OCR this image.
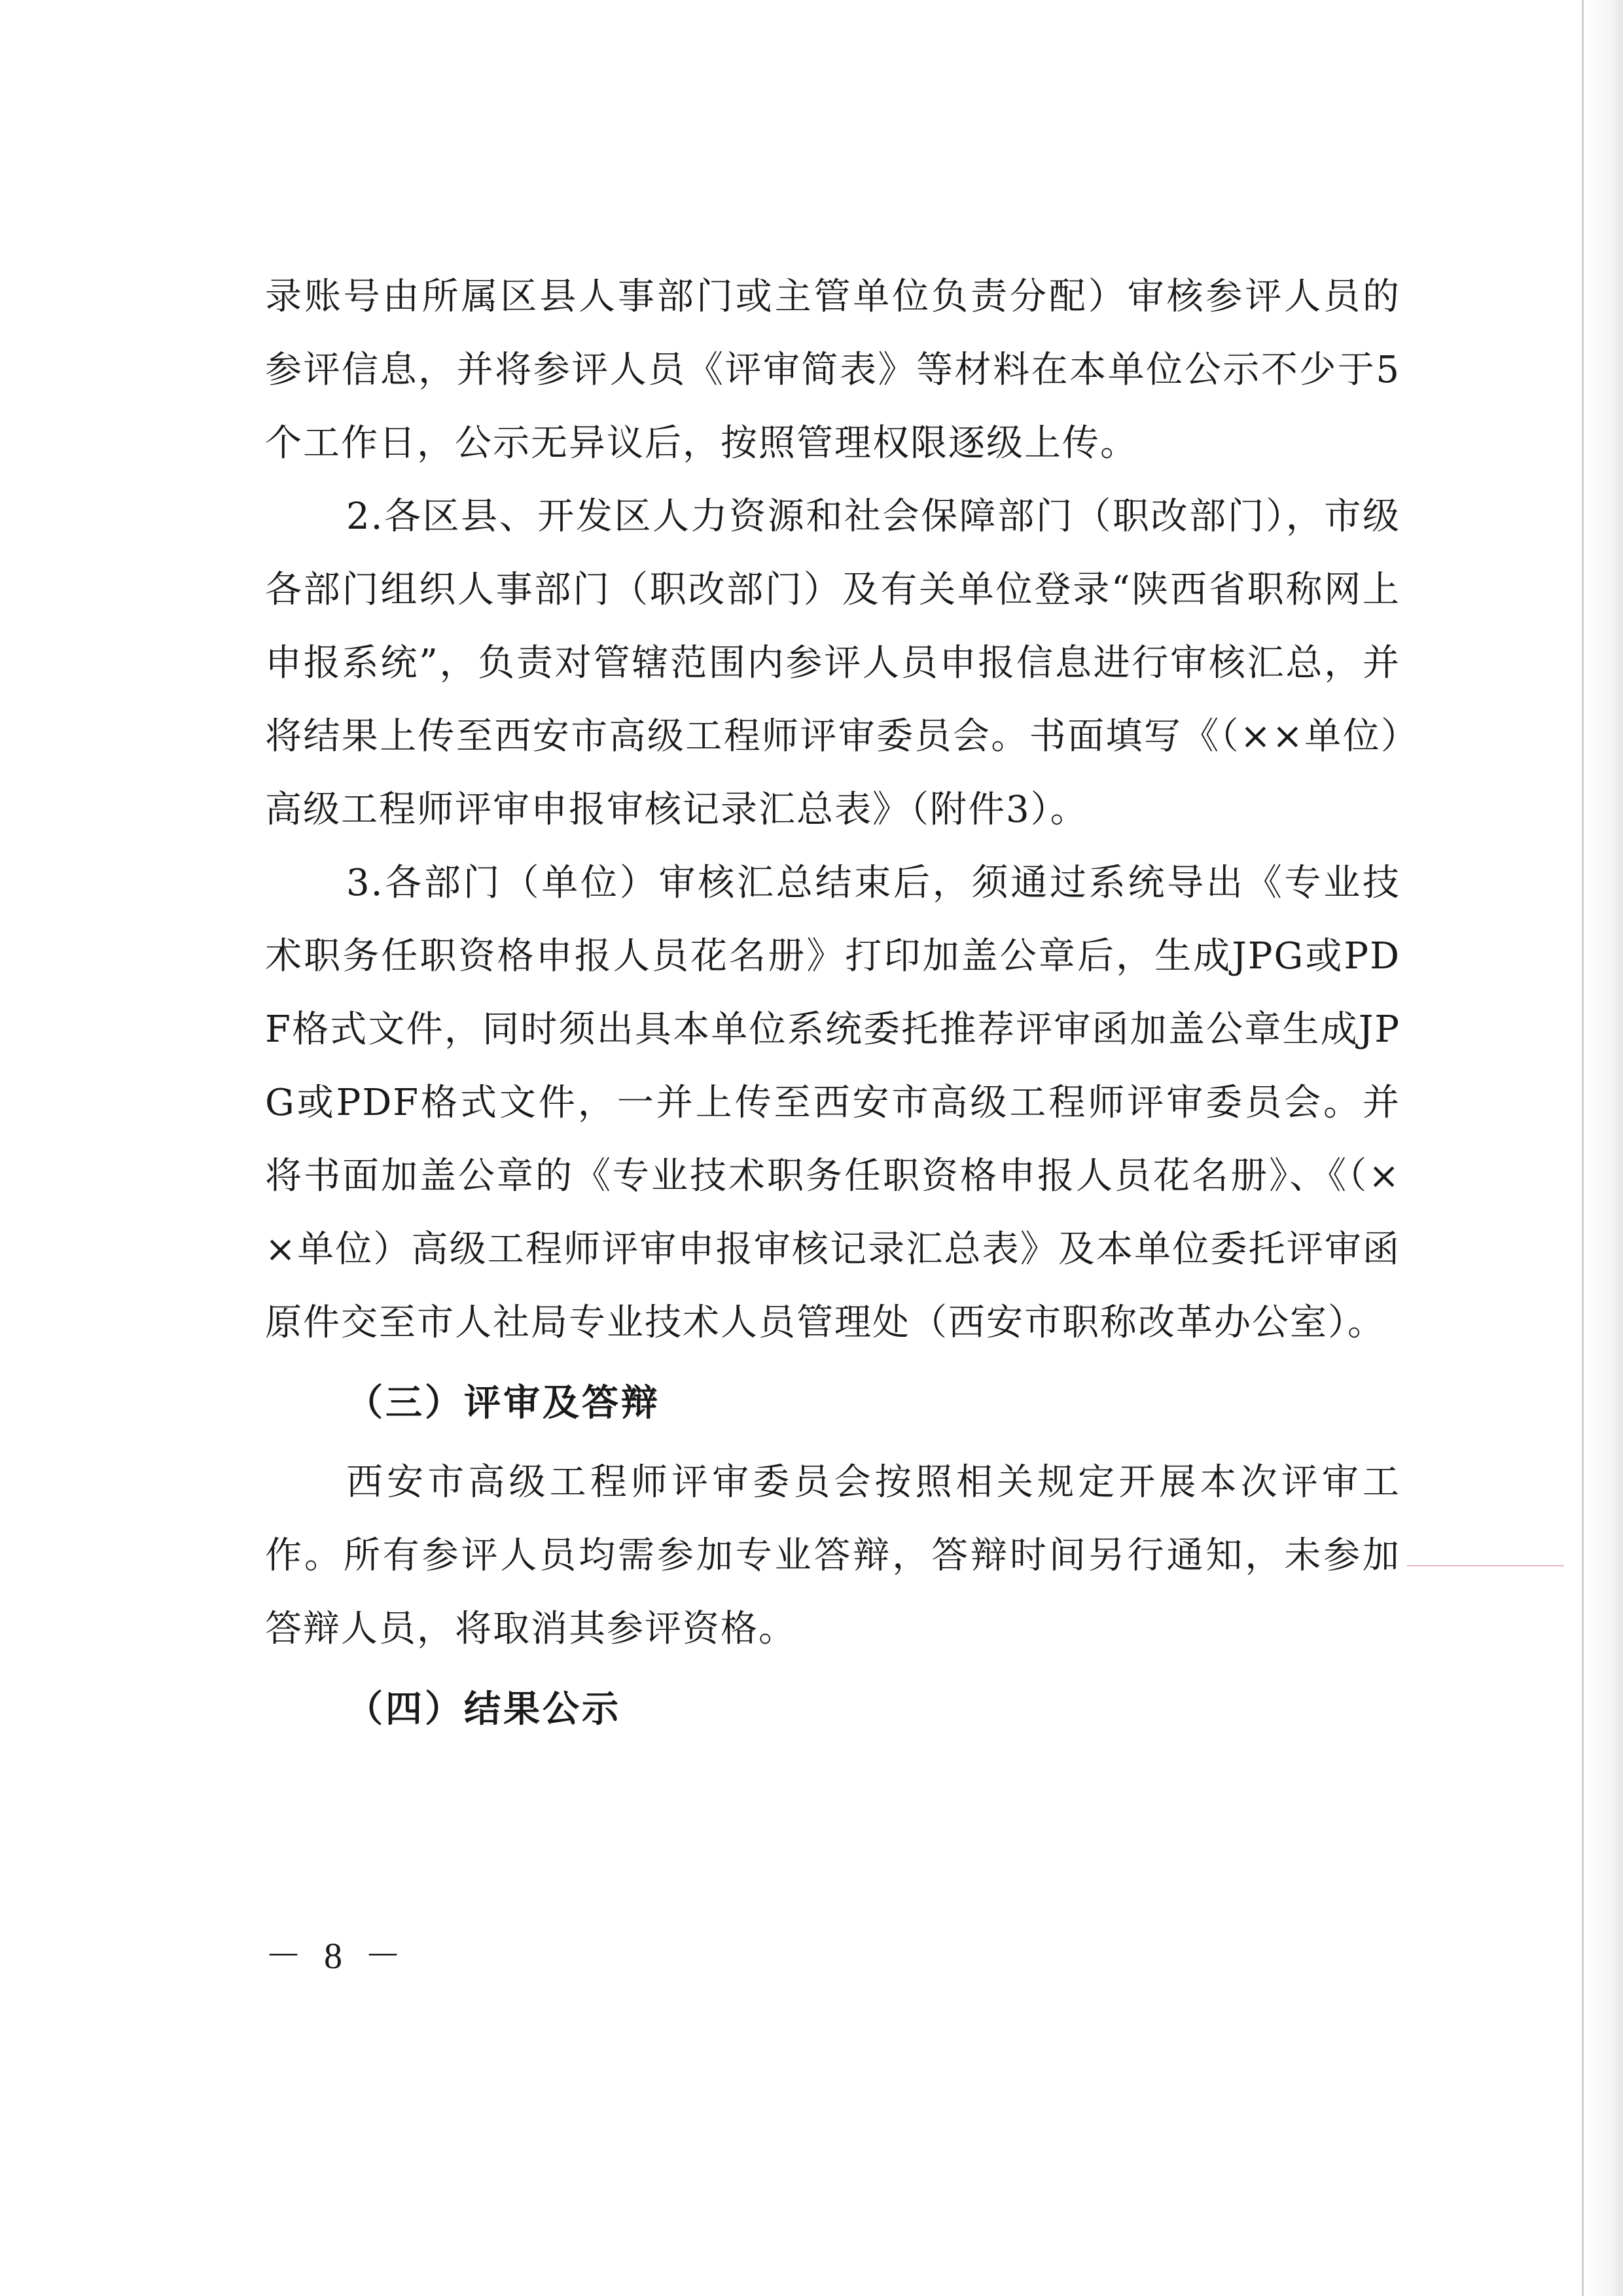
录账号由所属区县人事部门或主管单位负责分配）审核参评人员的参评信息，并将参评人员《评审简表》等材料在本单位公示不少于5个工作日，公示无异议后，按照管理权限逐级上传。

2.各区县、开发区人力资源和社会保障部门（职改部门），市级各部门组织人事部门（职改部门）及有关单位登录“陕西省职称网上申报系统”，负责对管辖范围内参评人员申报信息进行审核汇总，并将结果上传至西安市高级工程师评审委员会。书面填写《（××单位）高级工程师评审申报审核记录汇总表》（附件3）。

3.各部门（单位）审核汇总结束后，须通过系统导出《专业技术职务任职资格申报人员花名册》打印加盖公章后，生成JPG或PDF格式文件，同时须出具本单位系统委托推荐评审函加盖公章生成JPG或PDF格式文件，一并上传至西安市高级工程师评审委员会。并将书面加盖公章的《专业技术职务任职资格申报人员花名册》、《（××单位）高级工程师评审申报审核记录汇总表》及本单位委托评审函原件交至市人社局专业技术人员管理处（西安市职称改革办公室）。

（三）评审及答辩

西安市高级工程师评审委员会按照相关规定开展本次评审工作。所有参评人员均需参加专业答辩，答辩时间另行通知，未参加答辩人员，将取消其参评资格。

（四）结果公示
－ 8 －
